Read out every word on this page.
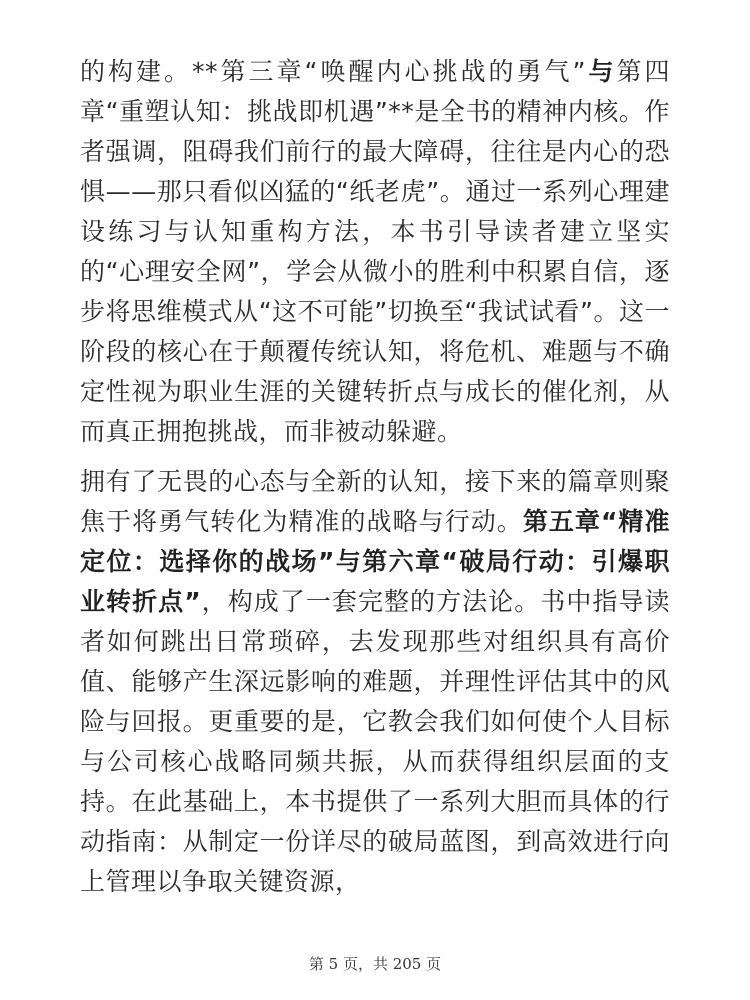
的构建。**第三章“唤醒内心挑战的勇气”与第四章“重塑认知：挑战即机遇”**是全书的精神内核。作者强调，阻碍我们前行的最大障碍，往往是内心的恐惧——那只看似凶猛的“纸老虎”。通过一系列心理建设练习与认知重构方法，本书引导读者建立坚实的“心理安全网”，学会从微小的胜利中积累自信，逐步将思维模式从“这不可能”切换至“我试试看”。这一阶段的核心在于颠覆传统认知，将危机、难题与不确定性视为职业生涯的关键转折点与成长的催化剂，从而真正拥抱挑战，而非被动躲避。

拥有了无畏的心态与全新的认知，接下来的篇章则聚焦于将勇气转化为精准的战略与行动。第五章“精准定位：选择你的战场”与第六章“破局行动：引爆职业转折点”，构成了一套完整的方法论。书中指导读者如何跳出日常琐碎，去发现那些对组织具有高价值、能够产生深远影响的难题，并理性评估其中的风险与回报。更重要的是，它教会我们如何使个人目标与公司核心战略同频共振，从而获得组织层面的支持。在此基础上，本书提供了一系列大胆而具体的行动指南：从制定一份详尽的破局蓝图，到高效进行向上管理以争取关键资源，

第 5 页，共 205 页
